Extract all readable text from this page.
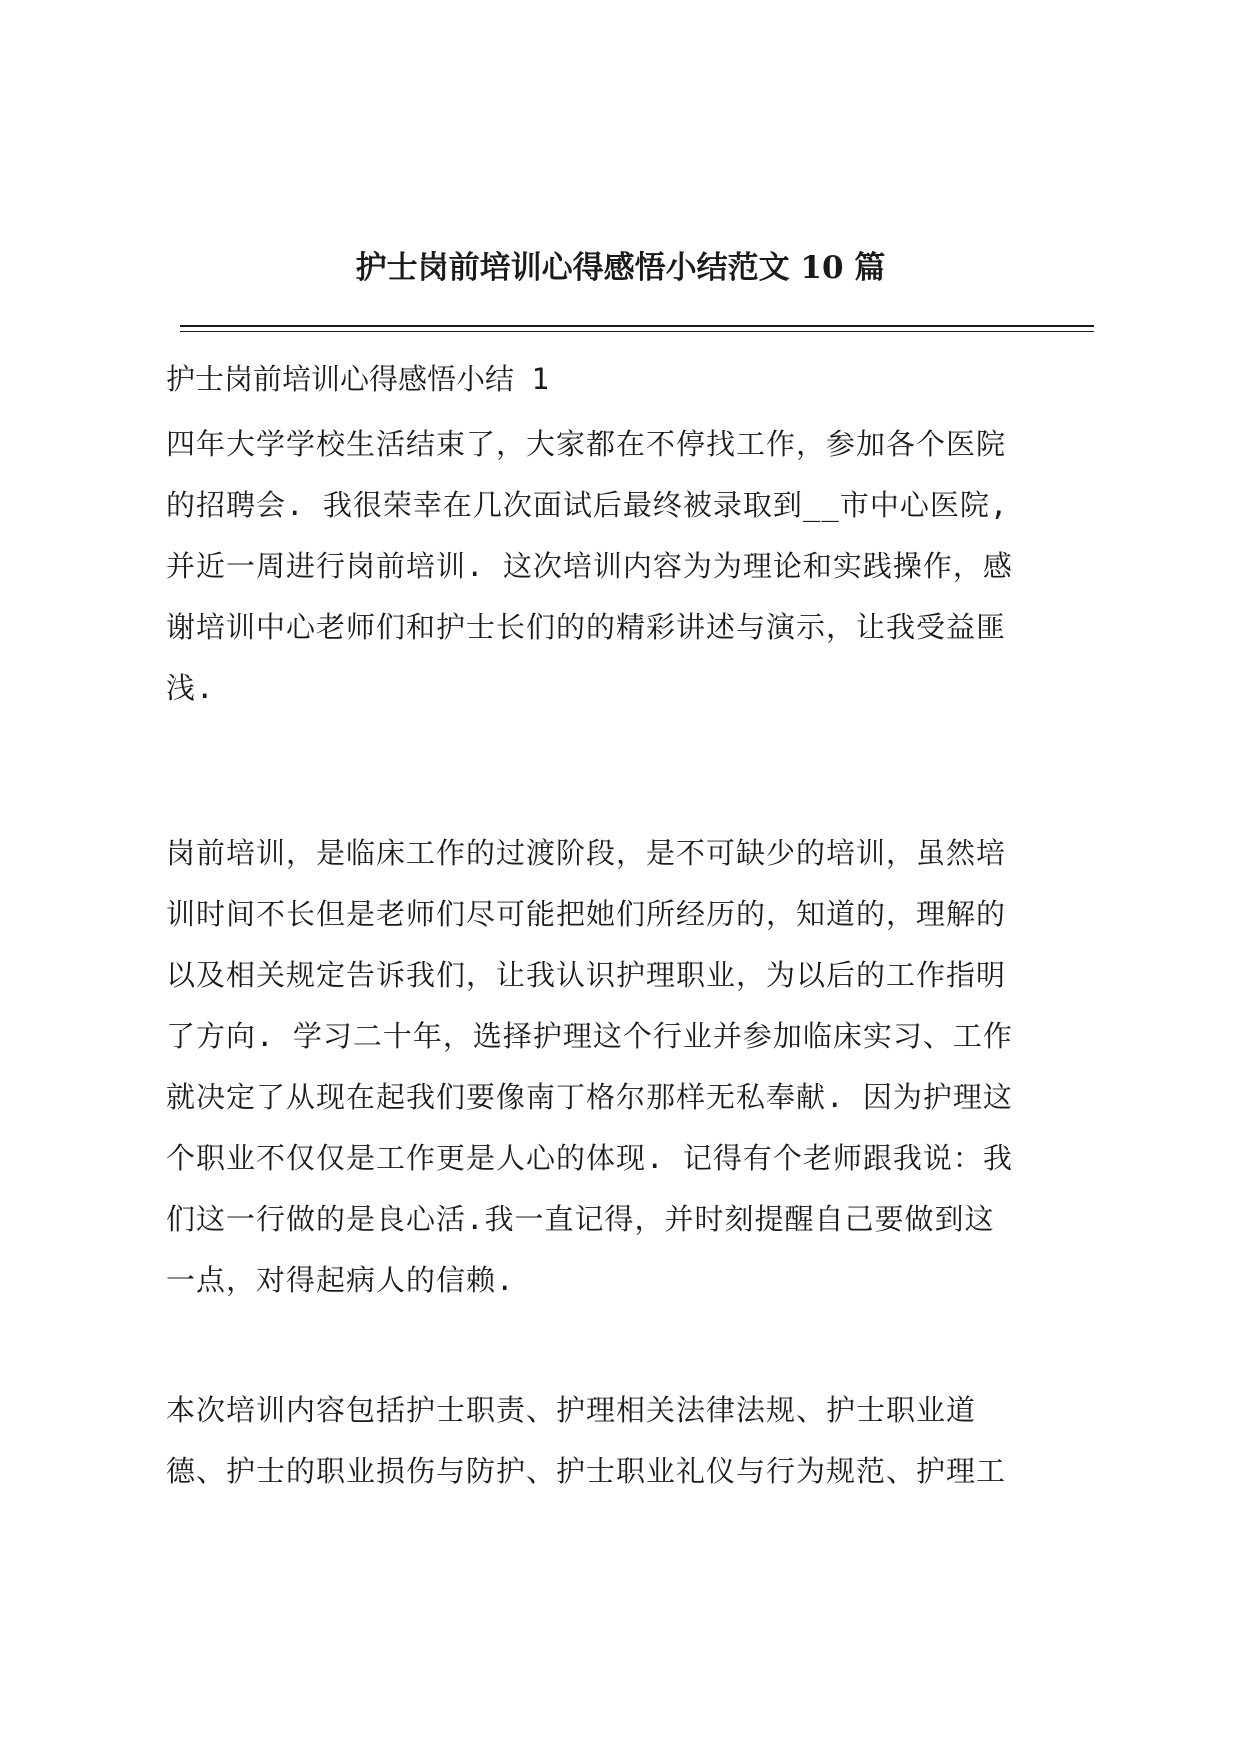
护士岗前培训心得感悟小结范文 10 篇
护士岗前培训心得感悟小结 1

四年大学学校生活结束了，大家都在不停找工作，参加各个医院
的招聘会. 我很荣幸在几次面试后最终被录取到__市中心医院,
并近一周进行岗前培训. 这次培训内容为为理论和实践操作，感
谢培训中心老师们和护士长们的的精彩讲述与演示，让我受益匪
浅.

岗前培训，是临床工作的过渡阶段，是不可缺少的培训，虽然培
训时间不长但是老师们尽可能把她们所经历的，知道的，理解的
以及相关规定告诉我们，让我认识护理职业，为以后的工作指明
了方向. 学习二十年，选择护理这个行业并参加临床实习、工作
就决定了从现在起我们要像南丁格尔那样无私奉献. 因为护理这
个职业不仅仅是工作更是人心的体现. 记得有个老师跟我说：我
们这一行做的是良心活.我一直记得，并时刻提醒自己要做到这
一点，对得起病人的信赖.

本次培训内容包括护士职责、护理相关法律法规、护士职业道
德、护士的职业损伤与防护、护士职业礼仪与行为规范、护理工
